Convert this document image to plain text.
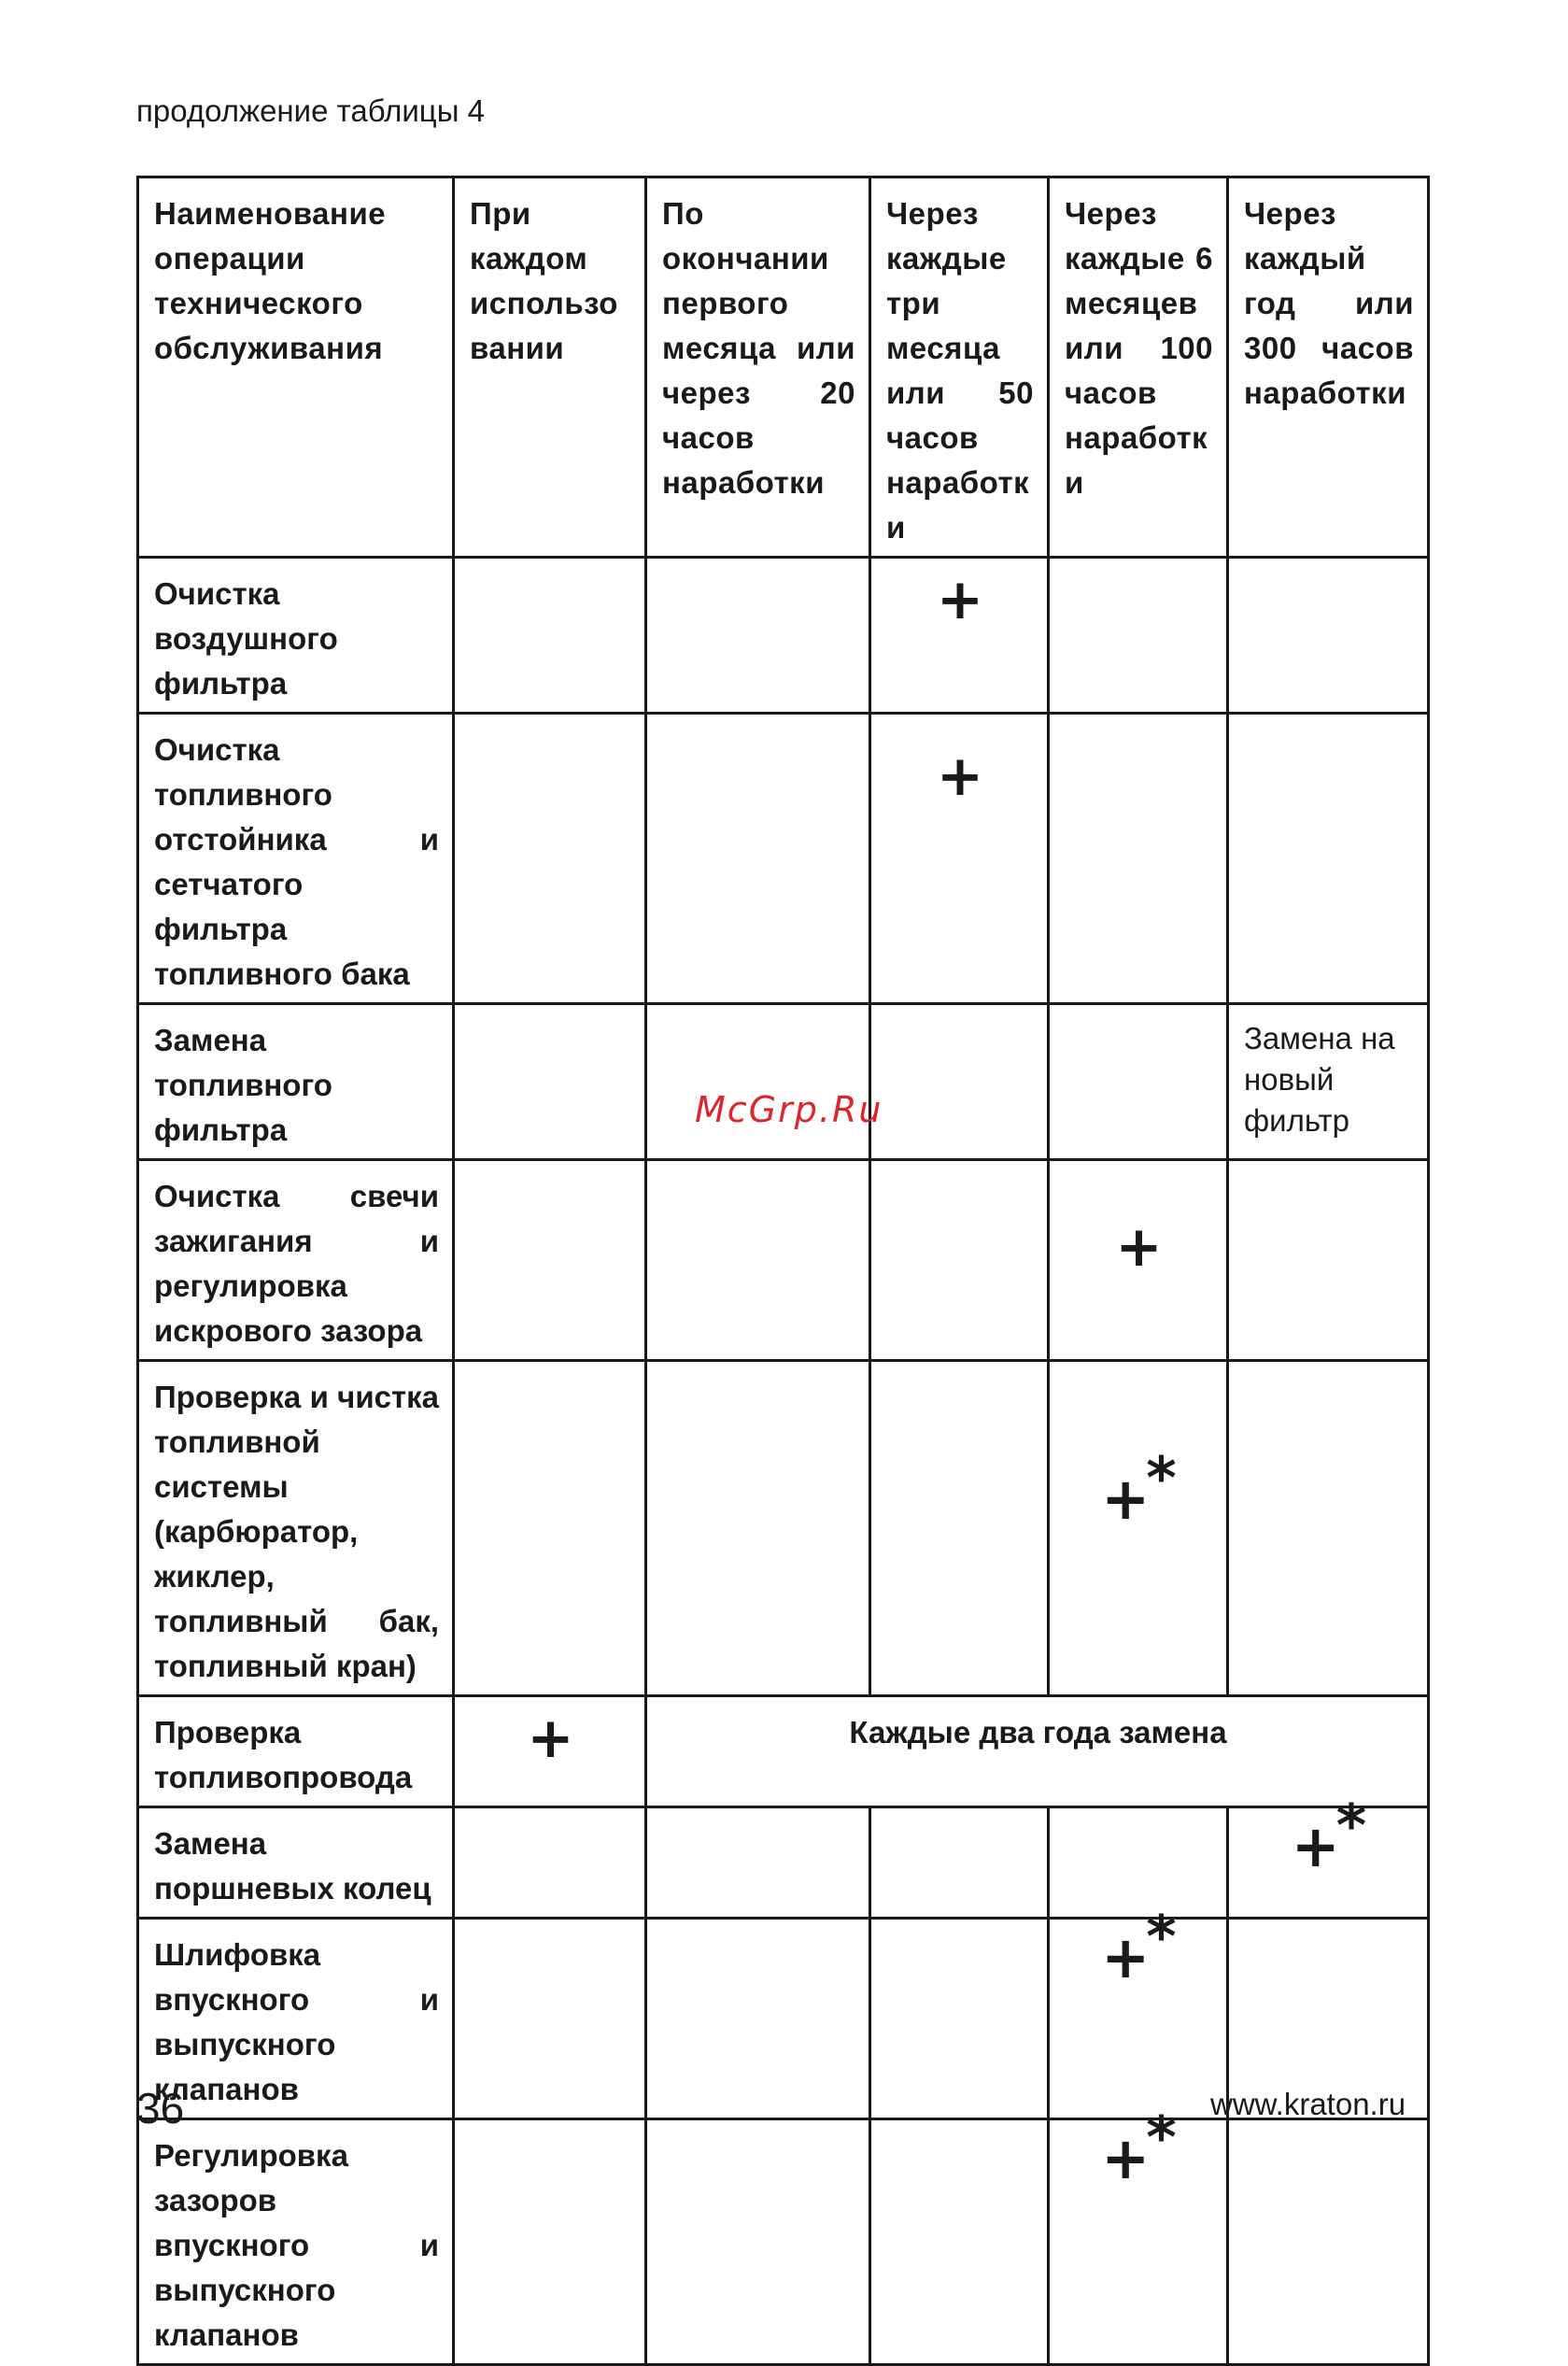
продолжение таблицы 4
Наименование операции технического обслуживания	При каждом использовании	По окончании первого месяца или через 20 часов наработки	Через каждые три месяца или 50 часов наработки	Через каждые 6 месяцев или 100 часов наработки	Через каждый год или 300 часов наработки
Очистка воздушного фильтра			+		
Очистка топливного отстойника и сетчатого фильтра топливного бака			+		
Замена топливного фильтра					Замена на новый фильтр
Очистка свечи зажигания и регулировка искрового зазора				+	
Проверка и чистка топливной системы (карбюратор, жиклер, топливный бак, топливный кран)				+*	
Проверка топливопровода	+	Каждые два года замена			
Замена поршневых колец					+*
Шлифовка впускного и выпускного клапанов				+*	
Регулировка зазоров впускного и выпускного клапанов				+*	
McGrp.Ru
36	www.kraton.ru
